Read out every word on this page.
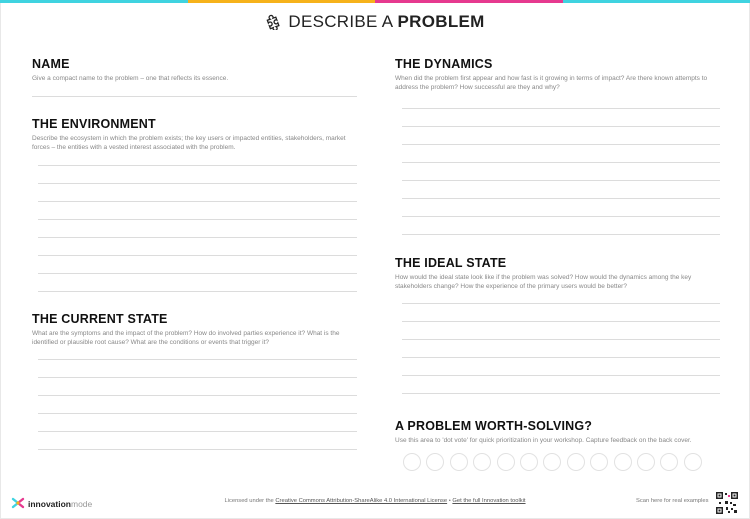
DESCRIBE A PROBLEM
NAME

Give a compact name to the problem – one that reflects its essence.

THE ENVIRONMENT

Describe the ecosystem in which the problem exists; the key users or impacted entities, stakeholders, market forces – the entities with a vested interest associated with the problem.

THE CURRENT STATE

What are the symptoms and the impact of the problem? How do involved parties experience it? What is the identified or plausible root cause? What are the conditions or events that trigger it?

THE DYNAMICS

When did the problem first appear and how fast is it growing in terms of impact? Are there known attempts to address the problem? How successful are they and why?

THE IDEAL STATE

How would the ideal state look like if the problem was solved? How would the dynamics among the key stakeholders change? How the experience of the primary users would be better?

A PROBLEM WORTH-SOLVING?

Use this area to 'dot vote' for quick prioritization in your workshop. Capture feedback on the back cover.

innovation mode	Licensed under the Creative Commons Attribution-ShareAlike 4.0 International License • Get the full Innovation toolkit	Scan here for real examples
